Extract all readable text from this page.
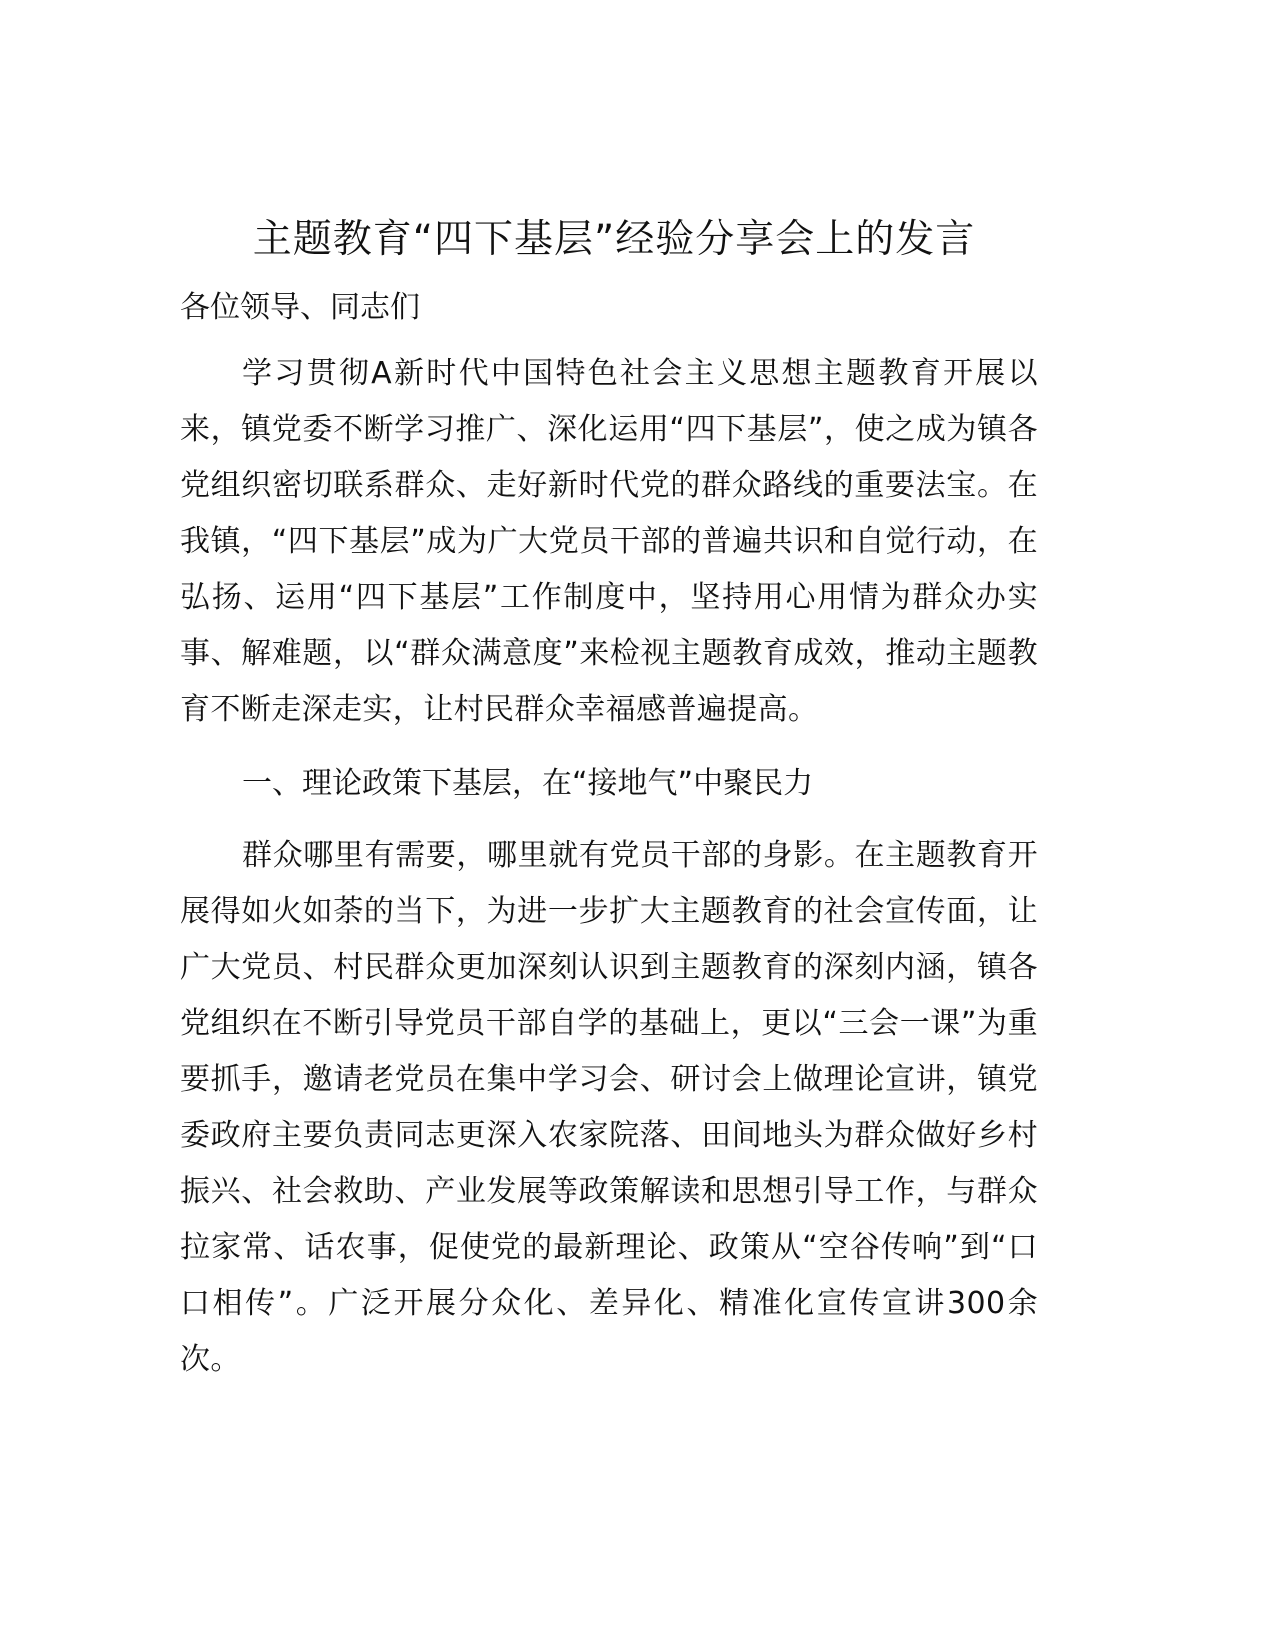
主题教育“四下基层”经验分享会上的发言

各位领导、同志们

学习贯彻A新时代中国特色社会主义思想主题教育开展以来，镇党委不断学习推广、深化运用“四下基层”，使之成为镇各党组织密切联系群众、走好新时代党的群众路线的重要法宝。在我镇，“四下基层”成为广大党员干部的普遍共识和自觉行动，在弘扬、运用“四下基层”工作制度中，坚持用心用情为群众办实事、解难题，以“群众满意度”来检视主题教育成效，推动主题教育不断走深走实，让村民群众幸福感普遍提高。

一、理论政策下基层，在“接地气”中聚民力

群众哪里有需要，哪里就有党员干部的身影。在主题教育开展得如火如荼的当下，为进一步扩大主题教育的社会宣传面，让广大党员、村民群众更加深刻认识到主题教育的深刻内涵，镇各党组织在不断引导党员干部自学的基础上，更以“三会一课”为重要抓手，邀请老党员在集中学习会、研讨会上做理论宣讲，镇党委政府主要负责同志更深入农家院落、田间地头为群众做好乡村振兴、社会救助、产业发展等政策解读和思想引导工作，与群众拉家常、话农事，促使党的最新理论、政策从“空谷传响”到“口口相传”。广泛开展分众化、差异化、精准化宣传宣讲300余次。
